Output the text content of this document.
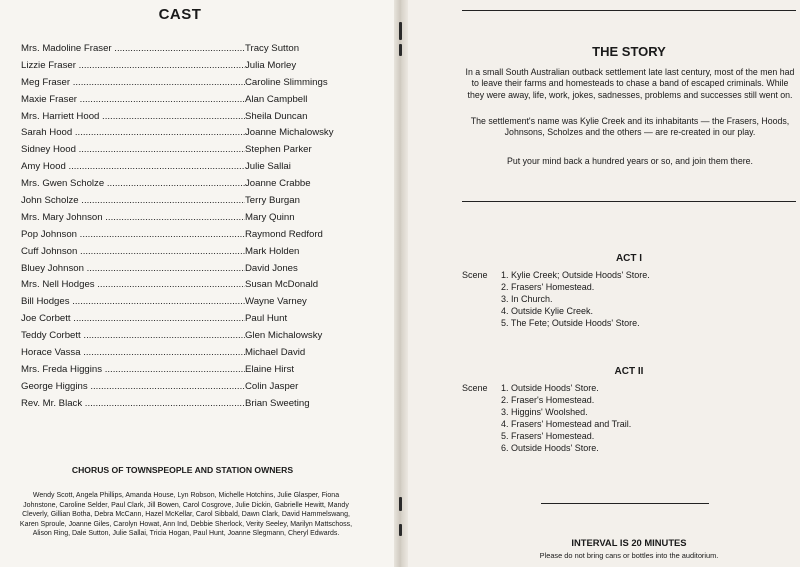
CAST
Mrs. Madoline Fraser .....	Tracy Sutton
Lizzie Fraser .....	Julia Morley
Meg Fraser .....	Caroline Slimmings
Maxie Fraser .....	Alan Campbell
Mrs. Harriett Hood .....	Sheila Duncan
Sarah Hood .....	Joanne Michalowsky
Sidney Hood .....	Stephen Parker
Amy Hood .....	Julie Sallai
Mrs. Gwen Scholze .....	Joanne Crabbe
John Scholze .....	Terry Burgan
Mrs. Mary Johnson .....	Mary Quinn
Pop Johnson .....	Raymond Redford
Cuff Johnson .....	Mark Holden
Bluey Johnson .....	David Jones
Mrs. Nell Hodges .....	Susan McDonald
Bill Hodges .....	Wayne Varney
Joe Corbett .....	Paul Hunt
Teddy Corbett .....	Glen Michalowsky
Horace Vassa .....	Michael David
Mrs. Freda Higgins .....	Elaine Hirst
George Higgins .....	Colin Jasper
Rev. Mr. Black .....	Brian Sweeting
CHORUS OF TOWNSPEOPLE AND STATION OWNERS
Wendy Scott, Angela Phillips, Amanda House, Lyn Robson, Michelle Hotchins, Julie Glasper, Fiona Johnstone, Caroline Selder, Paul Clark, Jill Bowen, Carol Cosgrove, Julie Dickin, Gabrielle Hewitt, Mandy Cleverly, Gillian Botha, Debra McCann, Hazel McKellar, Carol Sibbald, Dawn Clark, David Hammelswang, Karen Sproule, Joanne Giles, Carolyn Howat, Ann Ind, Debbie Sherlock, Verity Seeley, Marilyn Mattschoss, Alison Ring, Dale Sutton, Julie Sallai, Tricia Hogan, Paul Hunt, Joanne Slegmann, Cheryl Edwards.
THE STORY
In a small South Australian outback settlement late last century, most of the men had to leave their farms and homesteads to chase a band of escaped criminals. While they were away, life, work, jokes, sadnesses, problems and successes still went on.
The settlement's name was Kylie Creek and its inhabitants — the Frasers, Hoods, Johnsons, Scholzes and the others — are re-created in our play.
Put your mind back a hundred years or so, and join them there.
ACT I
Scene 1. Kylie Creek; Outside Hoods' Store.
2. Frasers' Homestead.
3. In Church.
4. Outside Kylie Creek.
5. The Fete; Outside Hoods' Store.
ACT II
Scene 1. Outside Hoods' Store.
2. Fraser's Homestead.
3. Higgins' Woolshed.
4. Frasers' Homestead and Trail.
5. Frasers' Homestead.
6. Outside Hoods' Store.
INTERVAL IS 20 MINUTES
Please do not bring cans or bottles into the auditorium.
